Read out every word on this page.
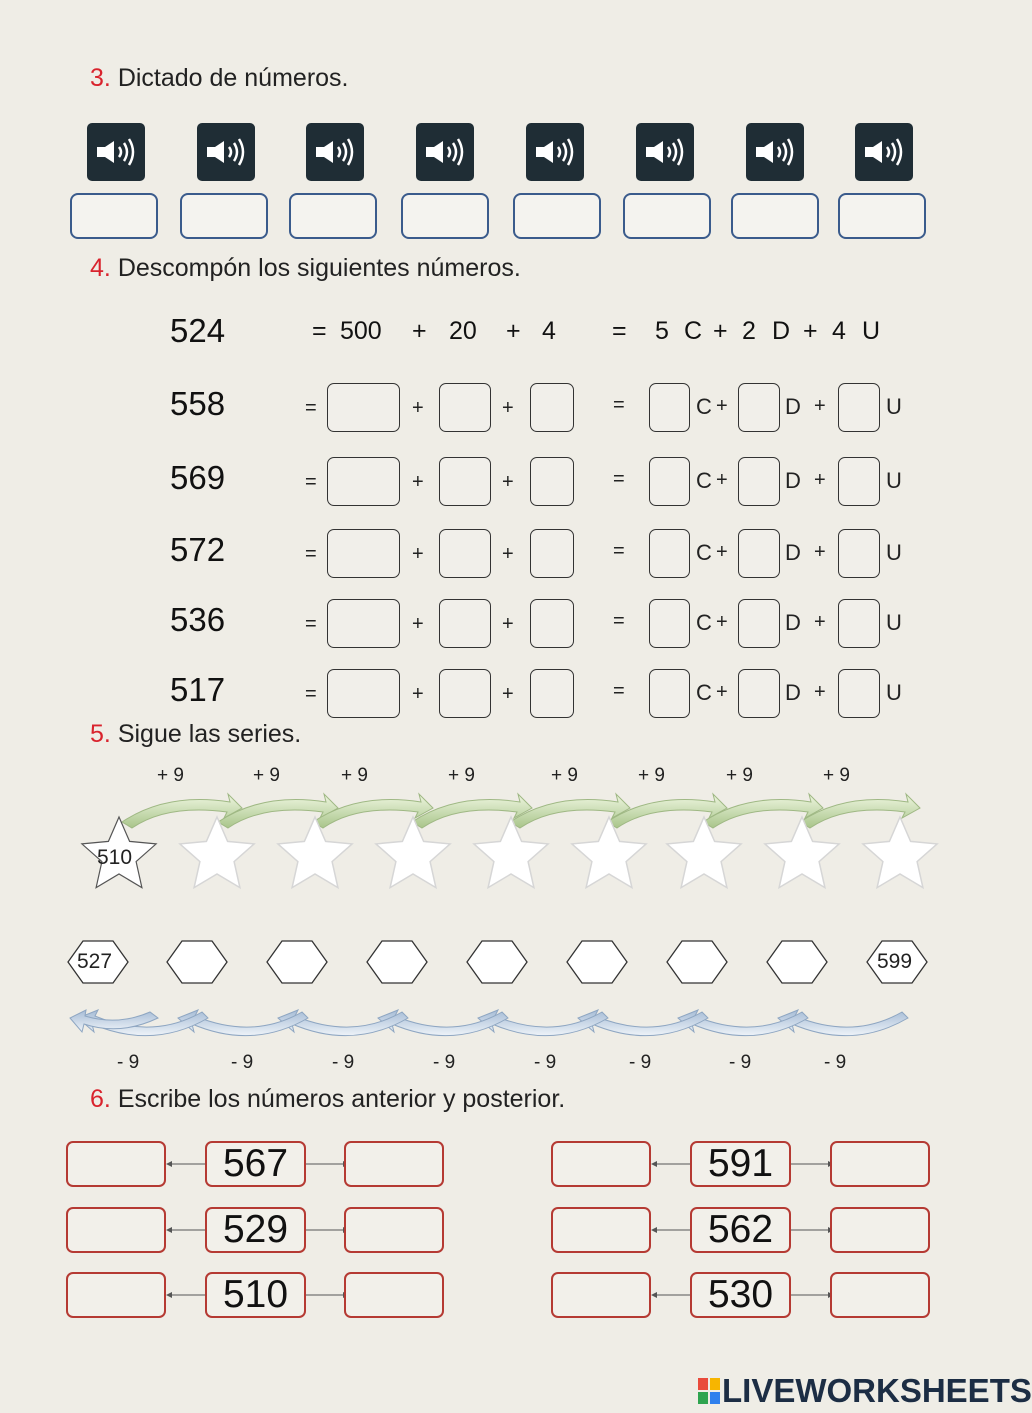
3. Dictado de números.
4. Descompón los siguientes números.
524	= 500 + 20 + 4 = 5 C + 2 D + 4 U
558	=	+	+	=	C +	D +	U
569	=	+	+	=	C +	D +	U
572	=	+	+	=	C +	D +	U
536	=	+	+	=	C +	D +	U
517	=	+	+	=	C +	D +	U
5. Sigue las series.
+ 9	+ 9	+ 9	+ 9	+ 9	+ 9	+ 9	+ 9
510
527	599
- 9	- 9	- 9	- 9	- 9	- 9	- 9	- 9
6. Escribe los números anterior y posterior.
567
529
510
591
562
530
LIVEWORKSHEETS
